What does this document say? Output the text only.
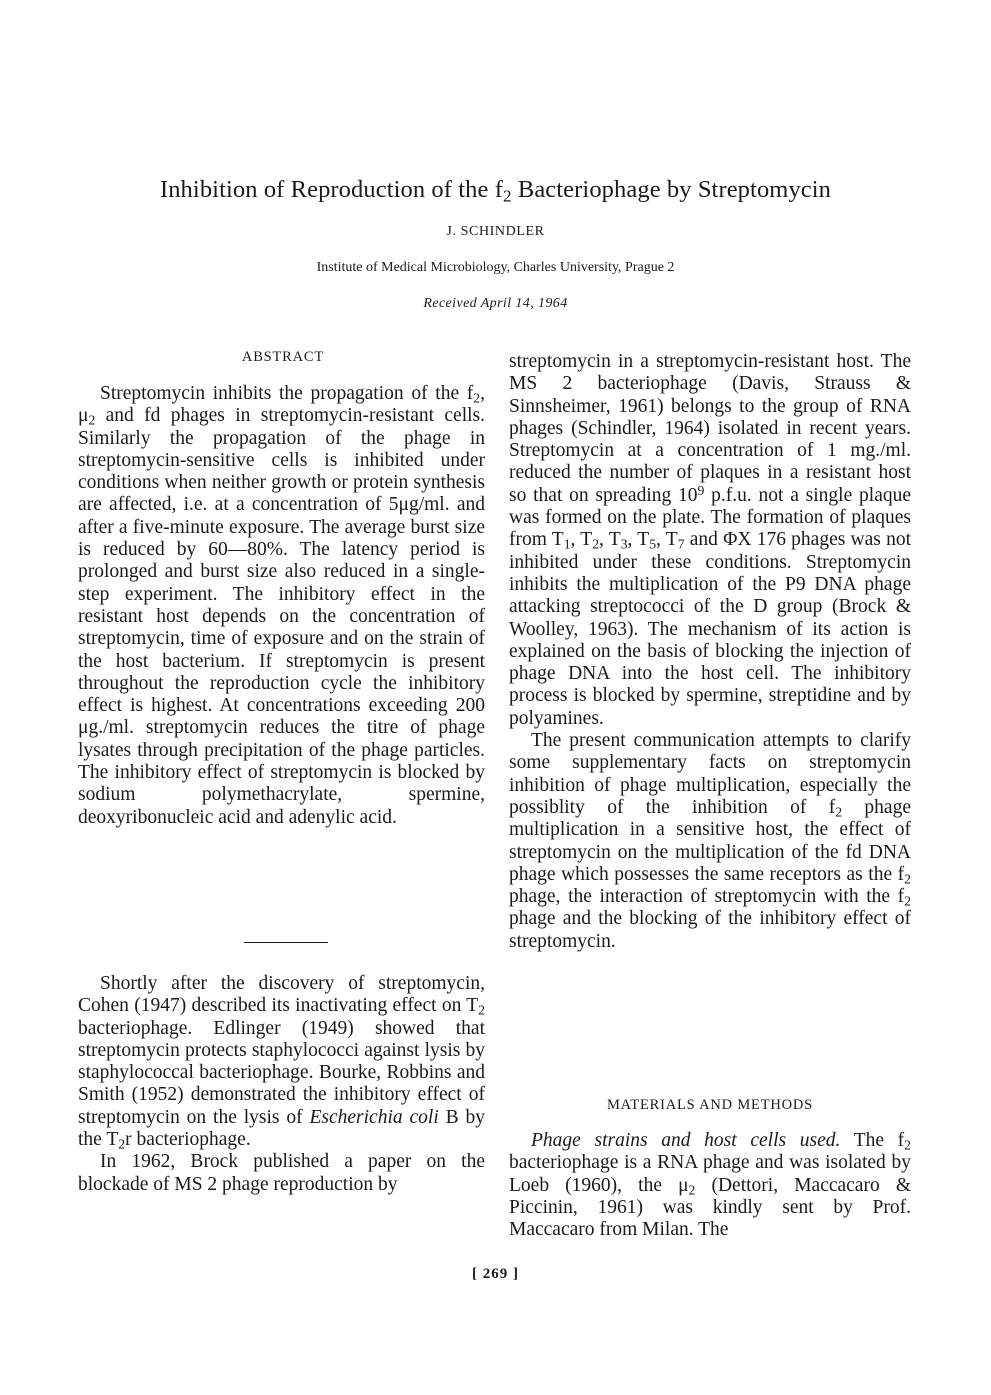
Inhibition of Reproduction of the $f_2$ Bacteriophage by Streptomycin
J. SCHINDLER
Institute of Medical Microbiology, Charles University, Prague 2
Received April 14, 1964
ABSTRACT

Streptomycin inhibits the propagation of the $f_2$, $\mu_2$ and fd phages in streptomycin-resistant cells. Similarly the propagation of the phage in streptomycin-sensitive cells is inhibited under conditions when neither growth or protein synthesis are affected, i.e. at a concentration of 5μg/ml. and after a five-minute exposure. The average burst size is reduced by 60—80%. The latency period is prolonged and burst size also reduced in a single-step experiment. The inhibitory effect in the resistant host depends on the concentration of streptomycin, time of exposure and on the strain of the host bacterium. If streptomycin is present throughout the reproduction cycle the inhibitory effect is highest. At concentrations exceeding 200 μg./ml. streptomycin reduces the titre of phage lysates through precipitation of the phage particles. The inhibitory effect of streptomycin is blocked by sodium polymethacrylate, spermine, deoxyribonucleic acid and adenylic acid.

Shortly after the discovery of streptomycin, Cohen (1947) described its inactivating effect on $T_2$ bacteriophage. Edlinger (1949) showed that streptomycin protects staphylococci against lysis by staphylococcal bacteriophage. Bourke, Robbins and Smith (1952) demonstrated the inhibitory effect of streptomycin on the lysis of Escherichia coli B by the $T_2r$ bacteriophage.

In 1962, Brock published a paper on the blockade of MS 2 phage reproduction by

streptomycin in a streptomycin-resistant host. The MS 2 bacteriophage (Davis, Strauss & Sinnsheimer, 1961) belongs to the group of RNA phages (Schindler, 1964) isolated in recent years. Streptomycin at a concentration of 1 mg./ml. reduced the number of plaques in a resistant host so that on spreading $10^9$ p.f.u. not a single plaque was formed on the plate. The formation of plaques from $T_1$, $T_2$, $T_3$, $T_5$, $T_7$ and ΦX 176 phages was not inhibited under these conditions. Streptomycin inhibits the multiplication of the P9 DNA phage attacking streptococci of the D group (Brock & Woolley, 1963). The mechanism of its action is explained on the basis of blocking the injection of phage DNA into the host cell. The inhibitory process is blocked by spermine, streptidine and by polyamines.

The present communication attempts to clarify some supplementary facts on streptomycin inhibition of phage multiplication, especially the possiblity of the inhibition of $f_2$ phage multiplication in a sensitive host, the effect of streptomycin on the multiplication of the fd DNA phage which possesses the same receptors as the $f_2$ phage, the interaction of streptomycin with the $f_2$ phage and the blocking of the inhibitory effect of streptomycin.

MATERIALS AND METHODS

Phage strains and host cells used. The $f_2$ bacteriophage is a RNA phage and was isolated by Loeb (1960), the $\mu_2$ (Dettori, Maccacaro & Piccinin, 1961) was kindly sent by Prof. Maccacaro from Milan. The

[ 269 ]
